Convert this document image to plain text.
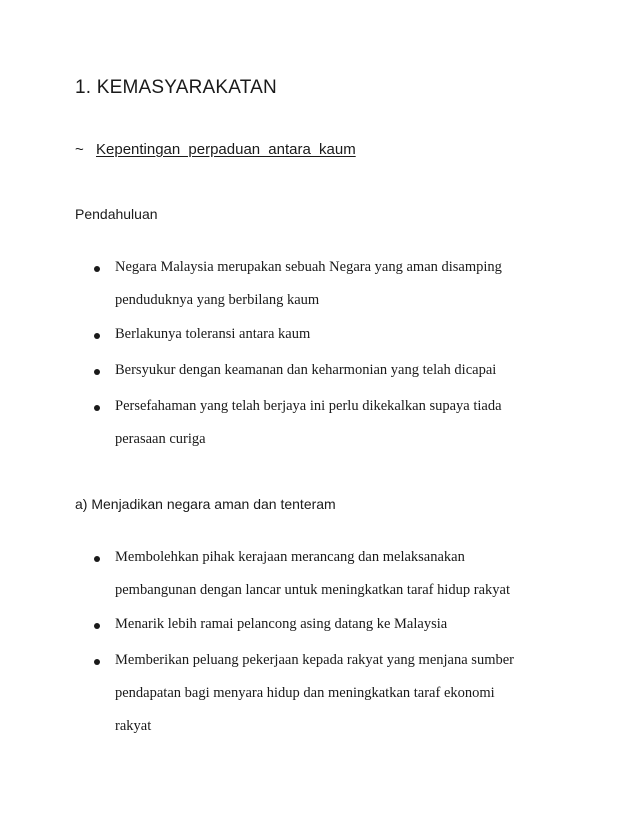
1. KEMASYARAKATAN
~ Kepentingan perpaduan antara kaum
Pendahuluan
Negara Malaysia merupakan sebuah Negara yang aman disamping
penduduknya yang berbilang kaum
Berlakunya toleransi antara kaum
Bersyukur dengan keamanan dan keharmonian yang telah dicapai
Persefahaman yang telah berjaya ini perlu dikekalkan supaya tiada
perasaan curiga
a) Menjadikan negara aman dan tenteram
Membolehkan pihak kerajaan merancang dan melaksanakan
pembangunan dengan lancar untuk meningkatkan taraf hidup rakyat
Menarik lebih ramai pelancong asing datang ke Malaysia
Memberikan peluang pekerjaan kepada rakyat yang menjana sumber
pendapatan bagi menyara hidup dan meningkatkan taraf ekonomi
rakyat
